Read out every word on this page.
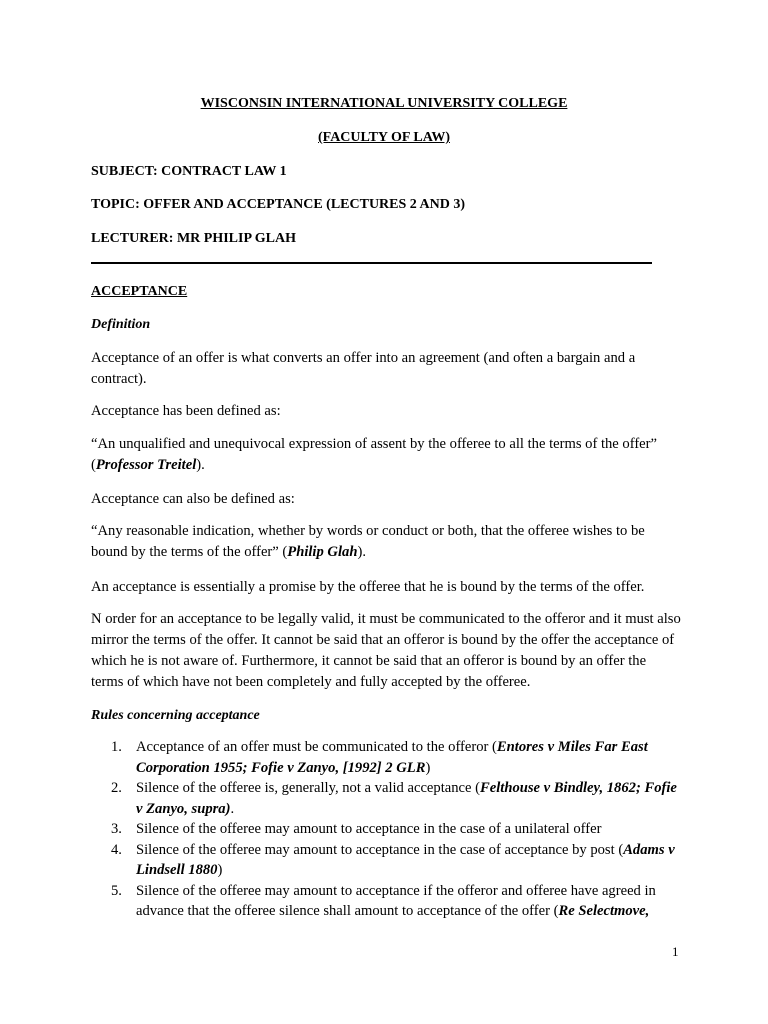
WISCONSIN INTERNATIONAL UNIVERSITY COLLEGE

(FACULTY OF LAW)

SUBJECT: CONTRACT LAW 1

TOPIC: OFFER AND ACCEPTANCE (LECTURES 2 AND 3)

LECTURER: MR PHILIP GLAH

ACCEPTANCE

Definition

Acceptance of an offer is what converts an offer into an agreement (and often a bargain and a contract).

Acceptance has been defined as:

“An unqualified and unequivocal expression of assent by the offeree to all the terms of the offer” (Professor Treitel).

Acceptance can also be defined as:

“Any reasonable indication, whether by words or conduct or both, that the offeree wishes to be bound by the terms of the offer” (Philip Glah).

An acceptance is essentially a promise by the offeree that he is bound by the terms of the offer.

N order for an acceptance to be legally valid, it must be communicated to the offeror and it must also mirror the terms of the offer. It cannot be said that an offeror is bound by the offer the acceptance of which he is not aware of. Furthermore, it cannot be said that an offeror is bound by an offer the terms of which have not been completely and fully accepted by the offeree.

Rules concerning acceptance

1. Acceptance of an offer must be communicated to the offeror (Entores v Miles Far East Corporation 1955; Fofie v Zanyo, [1992] 2 GLR)
2. Silence of the offeree is, generally, not a valid acceptance (Felthouse v Bindley, 1862; Fofie v Zanyo, supra).
3. Silence of the offeree may amount to acceptance in the case of a unilateral offer
4. Silence of the offeree may amount to acceptance in the case of acceptance by post (Adams v Lindsell 1880)
5. Silence of the offeree may amount to acceptance if the offeror and offeree have agreed in advance that the offeree silence shall amount to acceptance of the offer (Re Selectmove,
1
